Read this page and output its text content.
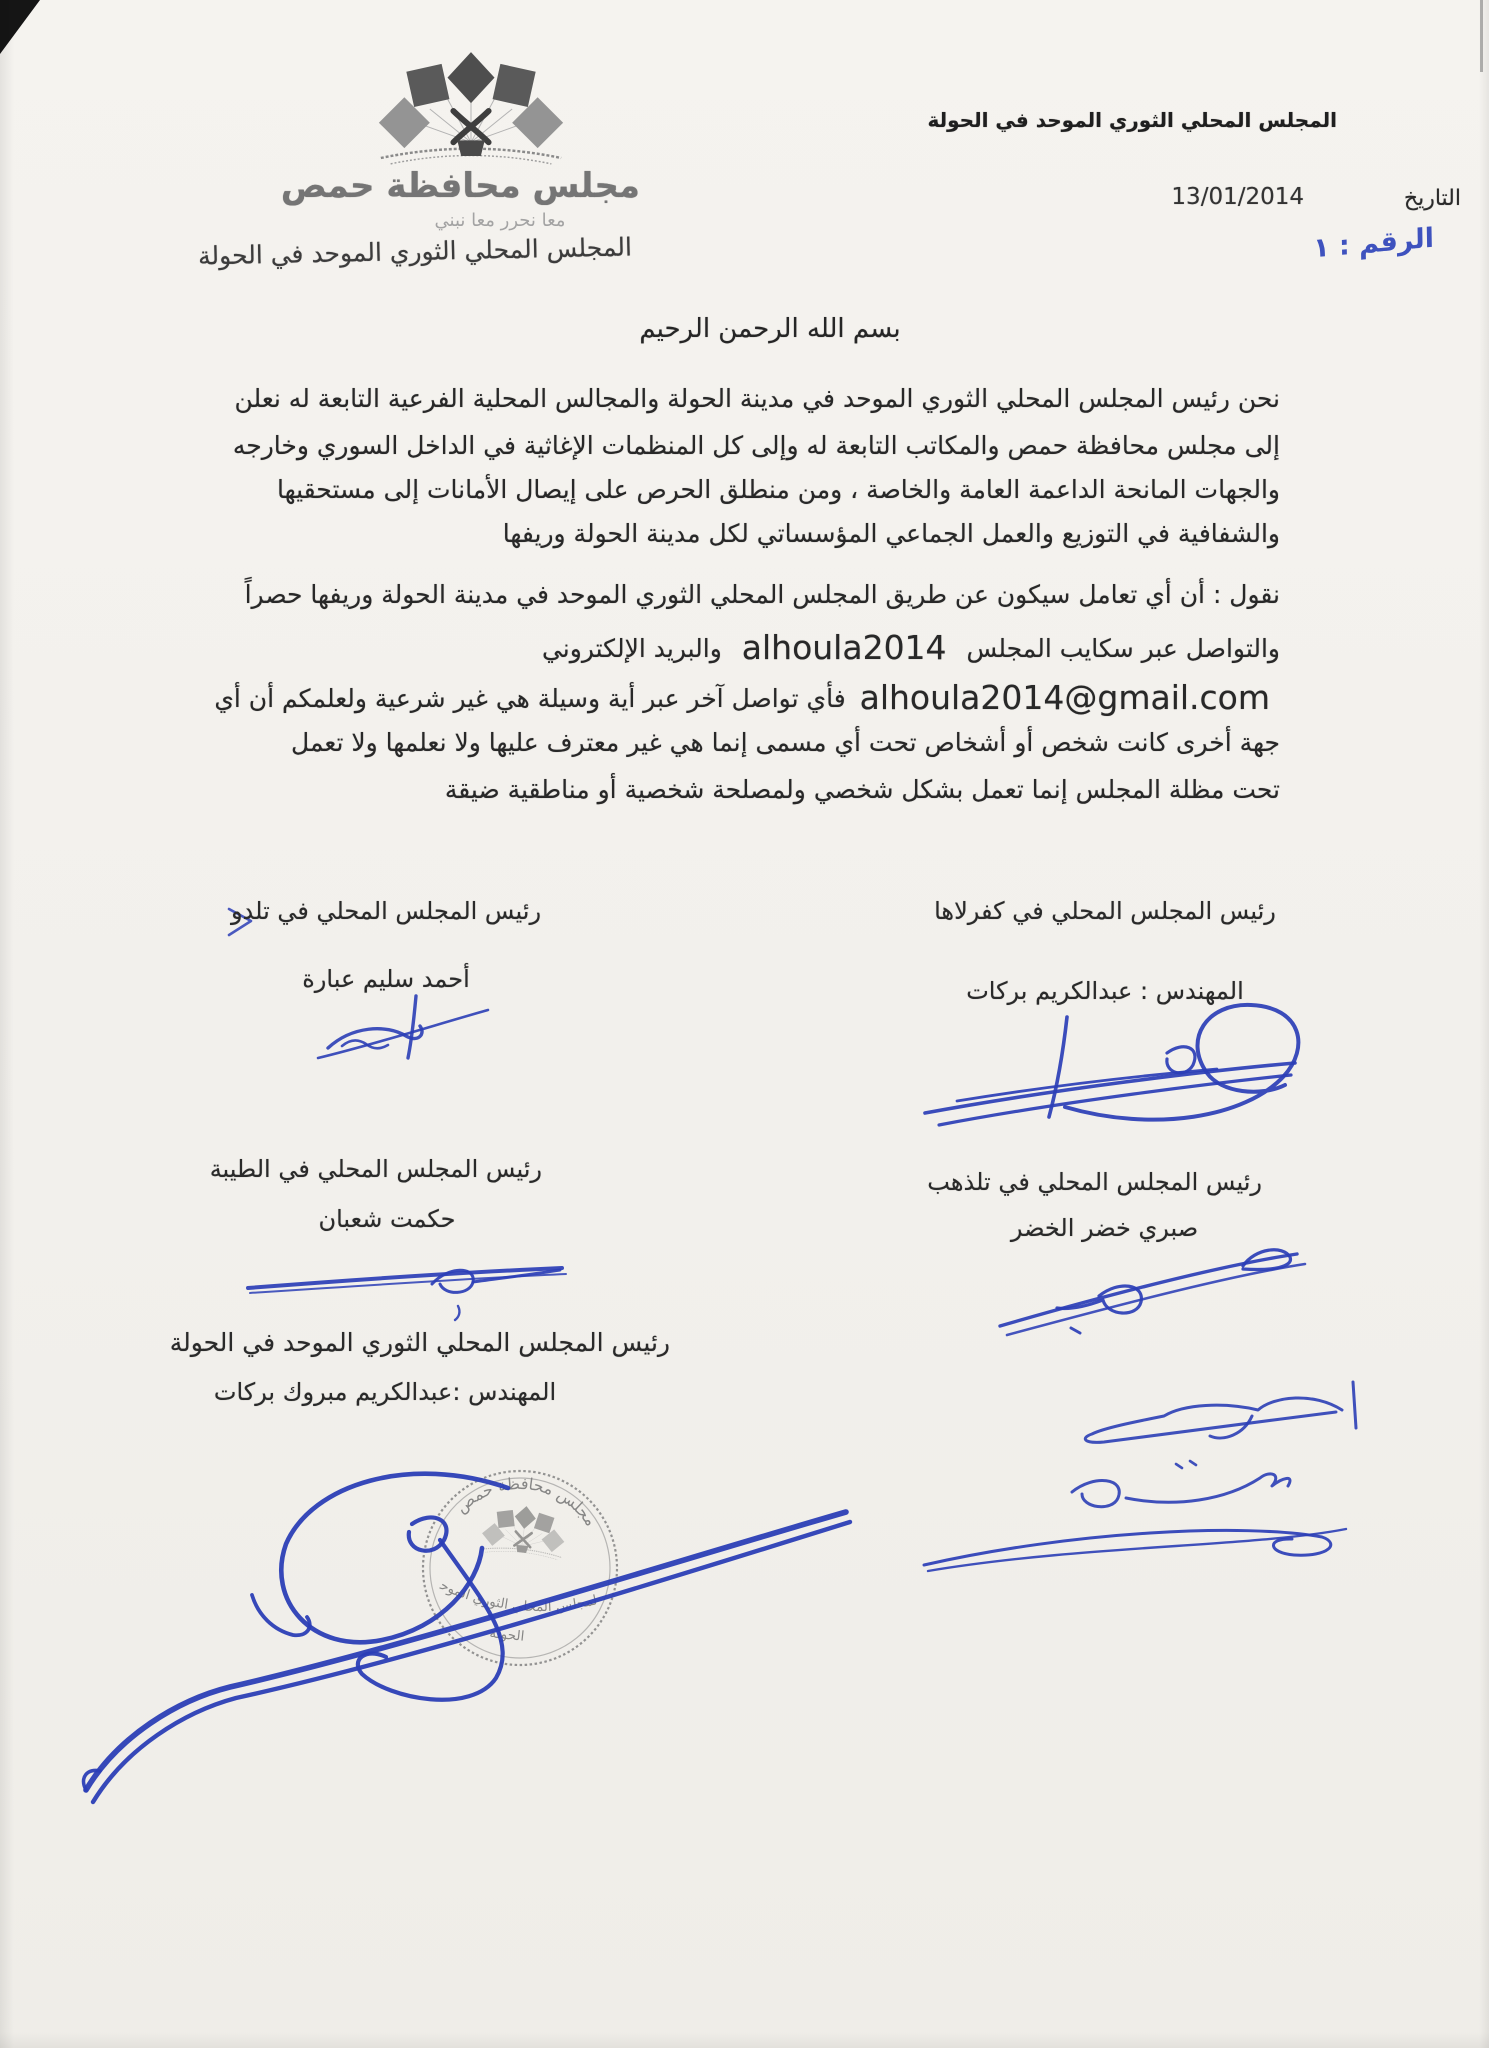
مجلس محافظة حمص
معا نحرر معا نبني
المجلس المحلي الثوري الموحد في الحولة
المجلس المحلي الثوري الموحد في الحولة
التاريخ
13/01/2014
الرقم : ١
بسم الله الرحمن الرحيم
نحن رئيس المجلس المحلي الثوري الموحد في مدينة الحولة والمجالس المحلية الفرعية التابعة له نعلن
إلى مجلس محافظة حمص والمكاتب التابعة له وإلى كل المنظمات الإغاثية في الداخل السوري وخارجه
والجهات المانحة الداعمة العامة والخاصة ، ومن منطلق الحرص على إيصال الأمانات إلى مستحقيها
والشفافية في التوزيع والعمل الجماعي المؤسساتي لكل مدينة الحولة وريفها
نقول : أن أي تعامل سيكون عن طريق المجلس المحلي الثوري الموحد في مدينة الحولة وريفها حصراً
والتواصل عبر سكايب المجلس alhoula2014 والبريد الإلكتروني
alhoula2014@gmail.com فأي تواصل آخر عبر أية وسيلة هي غير شرعية ولعلمكم أن أي
جهة أخرى كانت شخص أو أشخاص تحت أي مسمى إنما هي غير معترف عليها ولا نعلمها ولا تعمل
تحت مظلة المجلس إنما تعمل بشكل شخصي ولمصلحة شخصية أو مناطقية ضيقة
رئيس المجلس المحلي في تلدو
أحمد سليم عبارة
رئيس المجلس المحلي في كفرلاها
المهندس : عبدالكريم بركات
رئيس المجلس المحلي في الطيبة
حكمت شعبان
رئيس المجلس المحلي في تلذهب
صبري خضر الخضر
رئيس المجلس المحلي الثوري الموحد في الحولة
المهندس :عبدالكريم مبروك بركات
مجلس محافظة حمص
المجلس المحلي الثوري الموحد
الحولة
